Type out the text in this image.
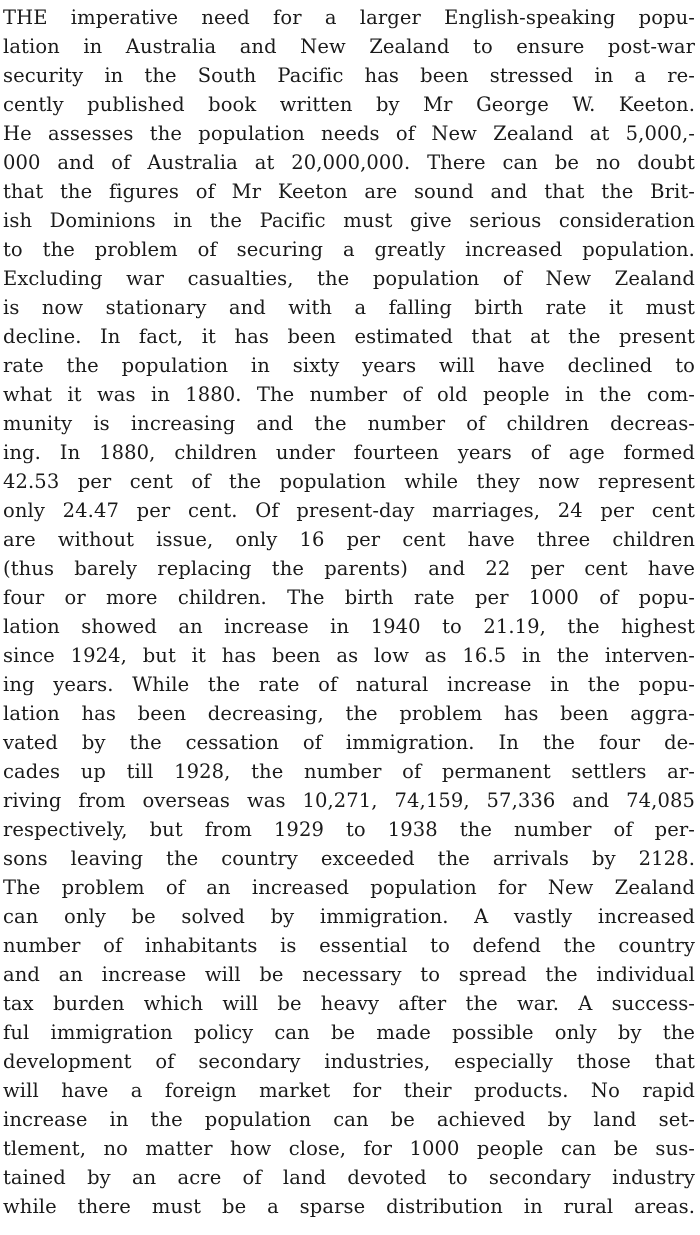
THE imperative need for a larger English-speaking popu-
lation in Australia and New Zealand to ensure post-war
security in the South Pacific has been stressed in a re-
cently published book written by Mr George W. Keeton.
He assesses the population needs of New Zealand at 5,000,-
000 and of Australia at 20,000,000. There can be no doubt
that the figures of Mr Keeton are sound and that the Brit-
ish Dominions in the Pacific must give serious consideration
to the problem of securing a greatly increased population.
Excluding war casualties, the population of New Zealand
is now stationary and with a falling birth rate it must
decline. In fact, it has been estimated that at the present
rate the population in sixty years will have declined to
what it was in 1880. The number of old people in the com-
munity is increasing and the number of children decreas-
ing. In 1880, children under fourteen years of age formed
42.53 per cent of the population while they now represent
only 24.47 per cent. Of present-day marriages, 24 per cent
are without issue, only 16 per cent have three children
(thus barely replacing the parents) and 22 per cent have
four or more children. The birth rate per 1000 of popu-
lation showed an increase in 1940 to 21.19, the highest
since 1924, but it has been as low as 16.5 in the interven-
ing years. While the rate of natural increase in the popu-
lation has been decreasing, the problem has been aggra-
vated by the cessation of immigration. In the four de-
cades up till 1928, the number of permanent settlers ar-
riving from overseas was 10,271, 74,159, 57,336 and 74,085
respectively, but from 1929 to 1938 the number of per-
sons leaving the country exceeded the arrivals by 2128.
The problem of an increased population for New Zealand
can only be solved by immigration. A vastly increased
number of inhabitants is essential to defend the country
and an increase will be necessary to spread the individual
tax burden which will be heavy after the war. A success-
ful immigration policy can be made possible only by the
development of secondary industries, especially those that
will have a foreign market for their products. No rapid
increase in the population can be achieved by land set-
tlement, no matter how close, for 1000 people can be sus-
tained by an acre of land devoted to secondary industry
while there must be a sparse distribution in rural areas.
